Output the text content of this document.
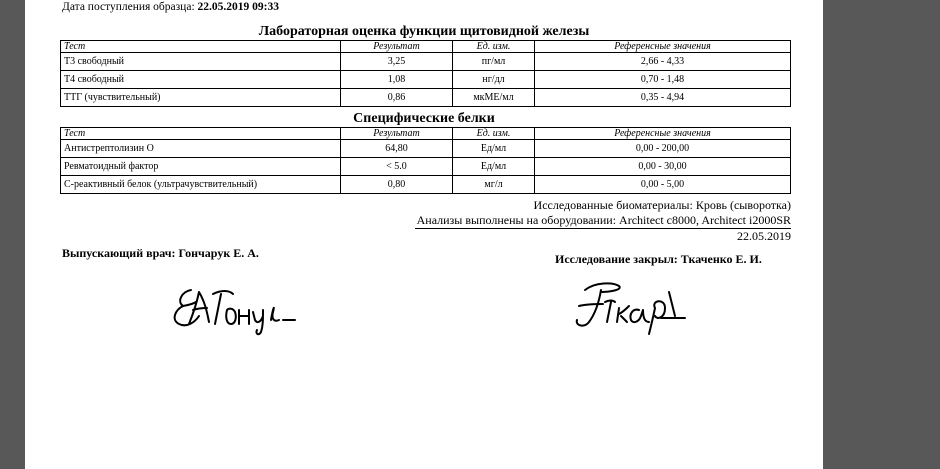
Дата поступления образца: 22.05.2019 09:33
Лабораторная оценка функции щитовидной железы
Тест	Результат	Ед. изм.	Референсные значения
Т3 свободный	3,25	пг/мл	2,66 - 4,33
Т4 свободный	1,08	нг/дл	0,70 - 1,48
ТТГ (чувствительный)	0,86	мкМЕ/мл	0,35 - 4,94
Специфические белки
Тест	Результат	Ед. изм.	Референсные значения
Антистрептолизин О	64,80	Ед/мл	0,00 - 200,00
Ревматоидный фактор	< 5.0	Ед/мл	0,00 - 30,00
С-реактивный белок (ультрачувствительный)	0,80	мг/л	0,00 - 5,00
Исследованные биоматериалы: Кровь (сыворотка)
Анализы выполнены на оборудовании: Architect c8000, Architect i2000SR
22.05.2019
Выпускающий врач: Гончарук Е. А.	Исследование закрыл: Ткаченко Е. И.
